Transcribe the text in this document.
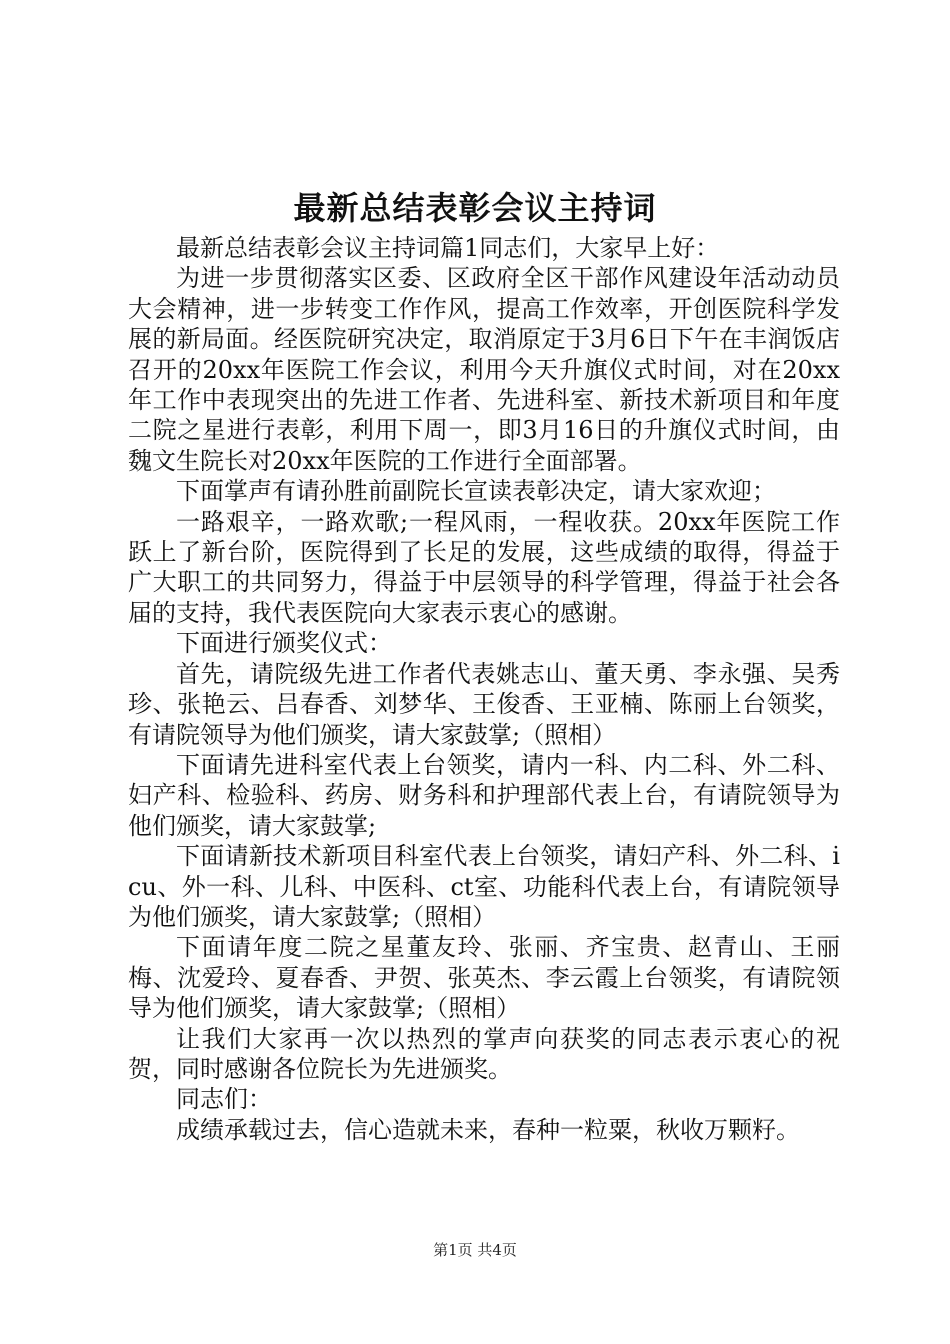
最新总结表彰会议主持词

最新总结表彰会议主持词篇1同志们，大家早上好：

为进一步贯彻落实区委、区政府全区干部作风建设年活动动员大会精神，进一步转变工作作风，提高工作效率，开创医院科学发展的新局面。经医院研究决定，取消原定于3月6日下午在丰润饭店召开的20xx年医院工作会议，利用今天升旗仪式时间，对在20xx年工作中表现突出的先进工作者、先进科室、新技术新项目和年度二院之星进行表彰，利用下周一，即3月16日的升旗仪式时间，由魏文生院长对20xx年医院的工作进行全面部署。

下面掌声有请孙胜前副院长宣读表彰决定，请大家欢迎；

一路艰辛，一路欢歌;一程风雨，一程收获。20xx年医院工作跃上了新台阶，医院得到了长足的发展，这些成绩的取得，得益于广大职工的共同努力，得益于中层领导的科学管理，得益于社会各届的支持，我代表医院向大家表示衷心的感谢。

下面进行颁奖仪式：

首先，请院级先进工作者代表姚志山、董天勇、李永强、吴秀珍、张艳云、吕春香、刘梦华、王俊香、王亚楠、陈丽上台领奖，有请院领导为他们颁奖，请大家鼓掌;（照相）

下面请先进科室代表上台领奖，请内一科、内二科、外二科、妇产科、检验科、药房、财务科和护理部代表上台，有请院领导为他们颁奖，请大家鼓掌;

下面请新技术新项目科室代表上台领奖，请妇产科、外二科、icu、外一科、儿科、中医科、ct室、功能科代表上台，有请院领导为他们颁奖，请大家鼓掌;（照相）

下面请年度二院之星董友玲、张丽、齐宝贵、赵青山、王丽梅、沈爱玲、夏春香、尹贺、张英杰、李云霞上台领奖，有请院领导为他们颁奖，请大家鼓掌;（照相）

让我们大家再一次以热烈的掌声向获奖的同志表示衷心的祝贺，同时感谢各位院长为先进颁奖。

同志们：

成绩承载过去，信心造就未来，春种一粒粟，秋收万颗籽。

第1页 共4页
